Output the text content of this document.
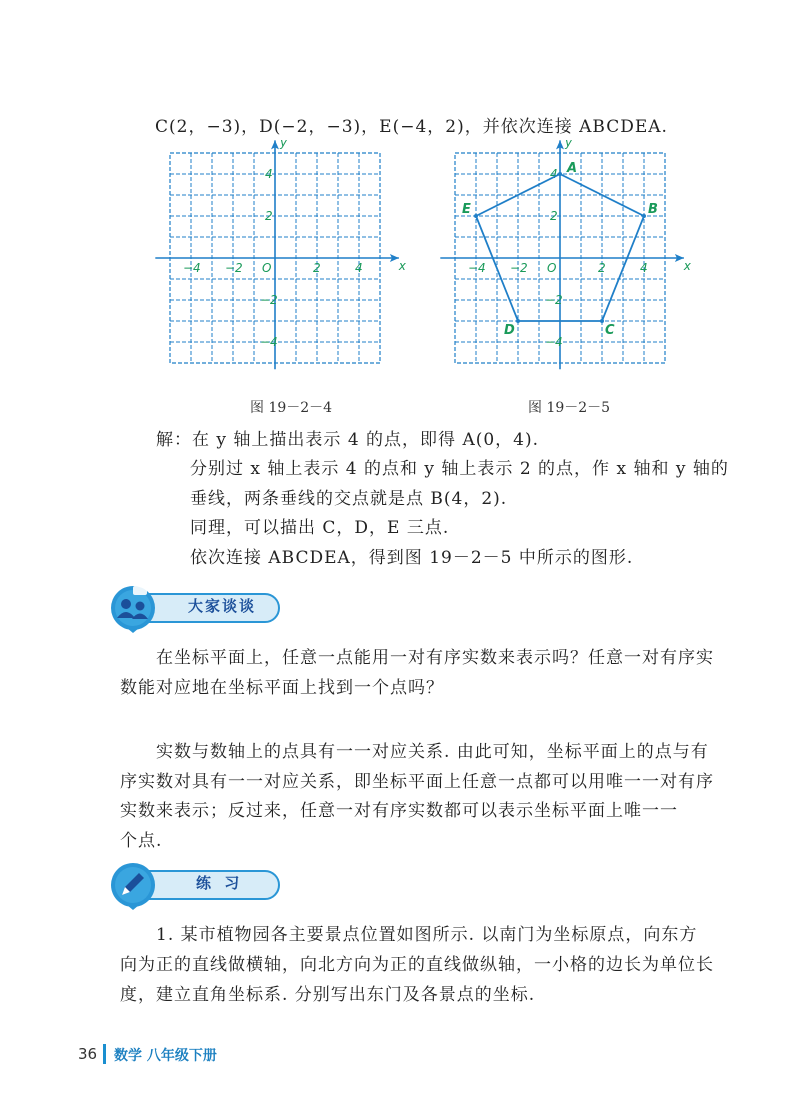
C(2，−3)，D(−2，−3)，E(−4，2)，并依次连接 ABCDEA.
x
y
O
−4 −2	2	4
4
2
−2
−4
图 19－2－4
x
y
O
−4 −2	2	4
4
2
−2
−4
A
B
C
D
E
图 19－2－5
解：在 y 轴上描出表示 4 的点，即得 A(0，4).
分别过 x 轴上表示 4 的点和 y 轴上表示 2 的点，作 x 轴和 y 轴的
垂线，两条垂线的交点就是点 B(4，2).
同理，可以描出 C，D，E 三点.
依次连接 ABCDEA，得到图 19－2－5 中所示的图形.
大家谈谈
在坐标平面上，任意一点能用一对有序实数来表示吗？任意一对有序实
数能对应地在坐标平面上找到一个点吗？
实数与数轴上的点具有一一对应关系. 由此可知，坐标平面上的点与有
序实数对具有一一对应关系，即坐标平面上任意一点都可以用唯一一对有序
实数来表示；反过来，任意一对有序实数都可以表示坐标平面上唯一一
个点.
练 习
1. 某市植物园各主要景点位置如图所示. 以南门为坐标原点，向东方
向为正的直线做横轴，向北方向为正的直线做纵轴，一小格的边长为单位长
度，建立直角坐标系. 分别写出东门及各景点的坐标.
36 数学 八年级下册
